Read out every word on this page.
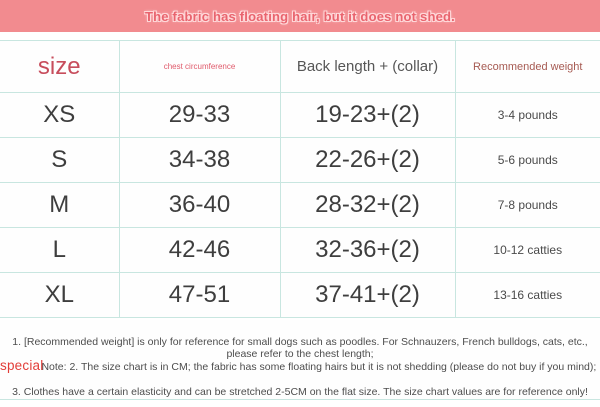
The fabric has floating hair, but it does not shed.
size	chest circumference	Back length + (collar)	Recommended weight
XS	29-33	19-23+(2)	3-4 pounds
S	34-38	22-26+(2)	5-6 pounds
M	36-40	28-32+(2)	7-8 pounds
L	42-46	32-36+(2)	10-12 catties
XL	47-51	37-41+(2)	13-16 catties
1. [Recommended weight] is only for reference for small dogs such as poodles. For Schnauzers, French bulldogs, cats, etc., please refer to the chest length;
specialNote: 2. The size chart is in CM; the fabric has some floating hairs but it is not shedding (please do not buy if you mind);
3. Clothes have a certain elasticity and can be stretched 2-5CM on the flat size. The size chart values are for reference only!
